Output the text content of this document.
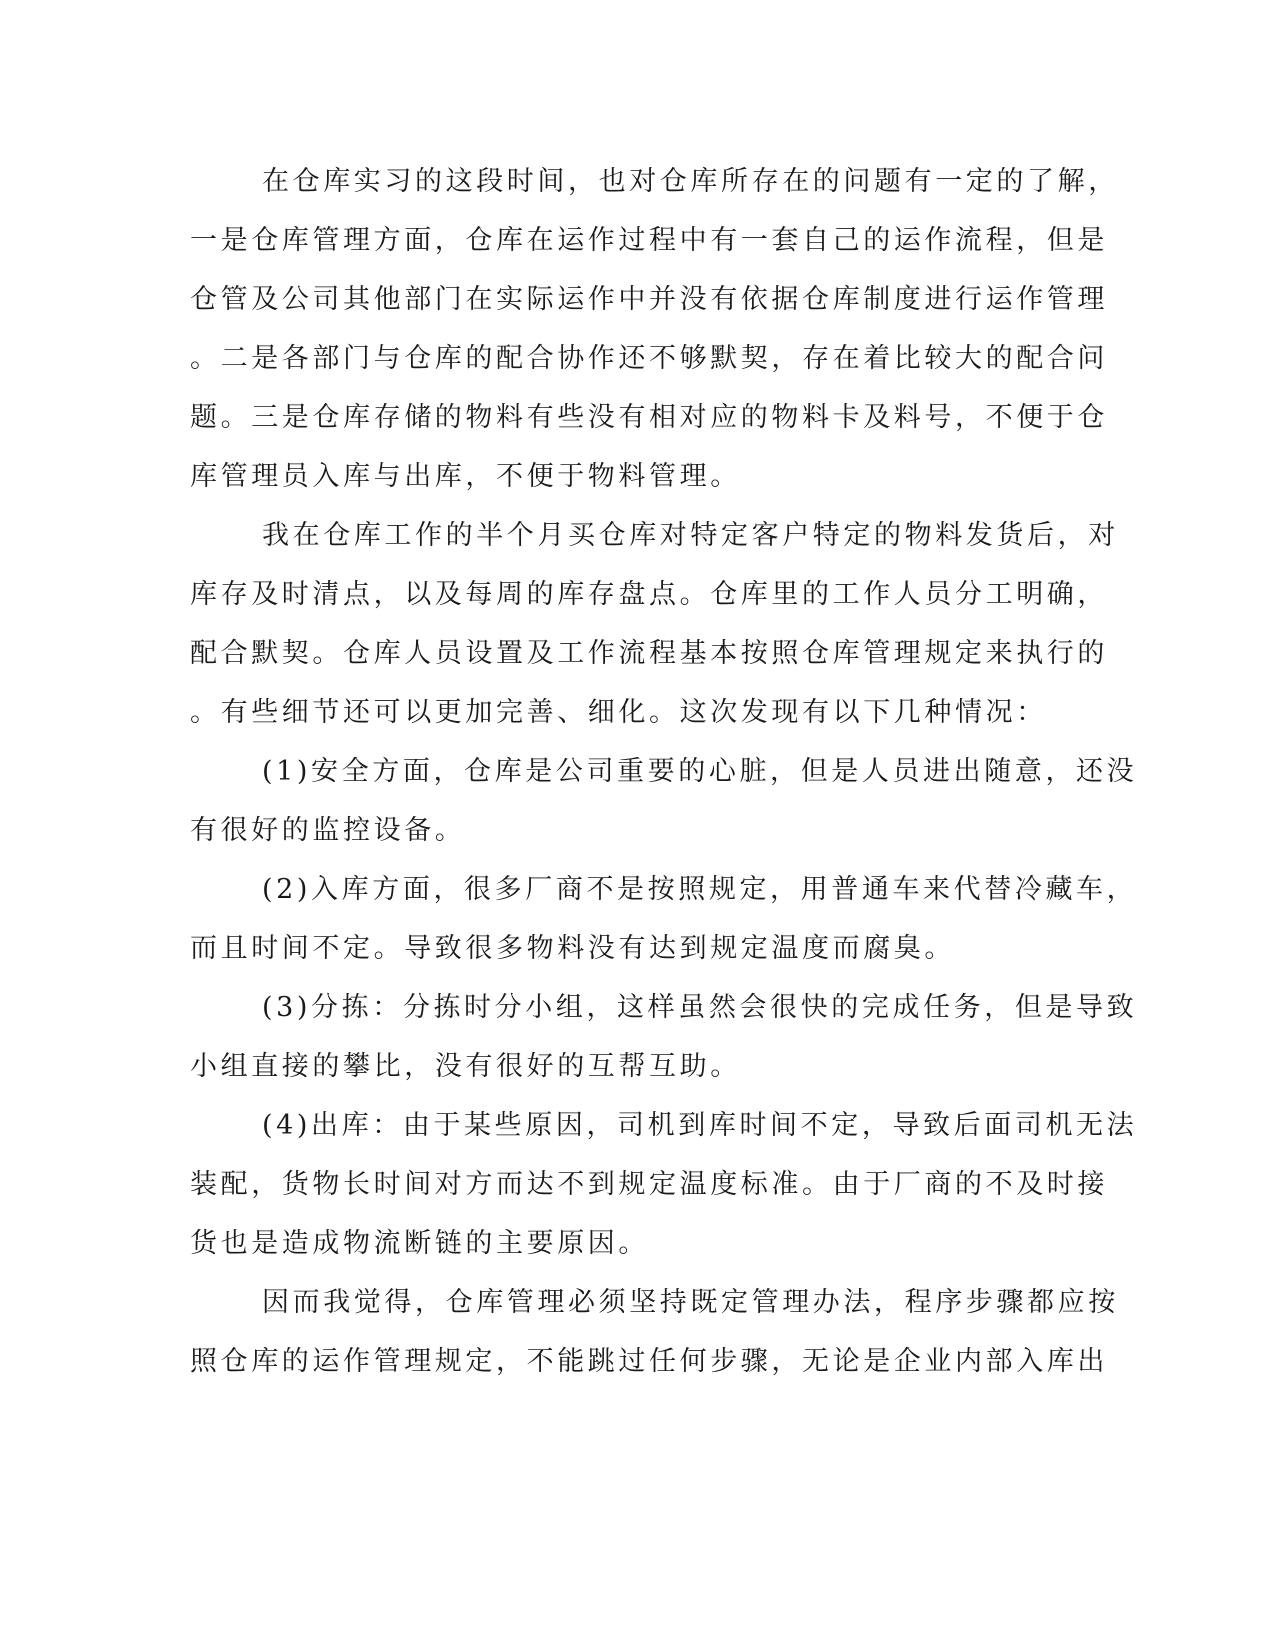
在仓库实习的这段时间，也对仓库所存在的问题有一定的了解，
一是仓库管理方面，仓库在运作过程中有一套自己的运作流程，但是
仓管及公司其他部门在实际运作中并没有依据仓库制度进行运作管理
。二是各部门与仓库的配合协作还不够默契，存在着比较大的配合问
题。三是仓库存储的物料有些没有相对应的物料卡及料号，不便于仓
库管理员入库与出库，不便于物料管理。
我在仓库工作的半个月买仓库对特定客户特定的物料发货后，对
库存及时清点，以及每周的库存盘点。仓库里的工作人员分工明确，
配合默契。仓库人员设置及工作流程基本按照仓库管理规定来执行的
。有些细节还可以更加完善、细化。这次发现有以下几种情况：
(1)安全方面，仓库是公司重要的心脏，但是人员进出随意，还没
有很好的监控设备。
(2)入库方面，很多厂商不是按照规定，用普通车来代替冷藏车，
而且时间不定。导致很多物料没有达到规定温度而腐臭。
(3)分拣：分拣时分小组，这样虽然会很快的完成任务，但是导致
小组直接的攀比，没有很好的互帮互助。
(4)出库：由于某些原因，司机到库时间不定，导致后面司机无法
装配，货物长时间对方而达不到规定温度标准。由于厂商的不及时接
货也是造成物流断链的主要原因。
因而我觉得，仓库管理必须坚持既定管理办法，程序步骤都应按
照仓库的运作管理规定，不能跳过任何步骤，无论是企业内部入库出
